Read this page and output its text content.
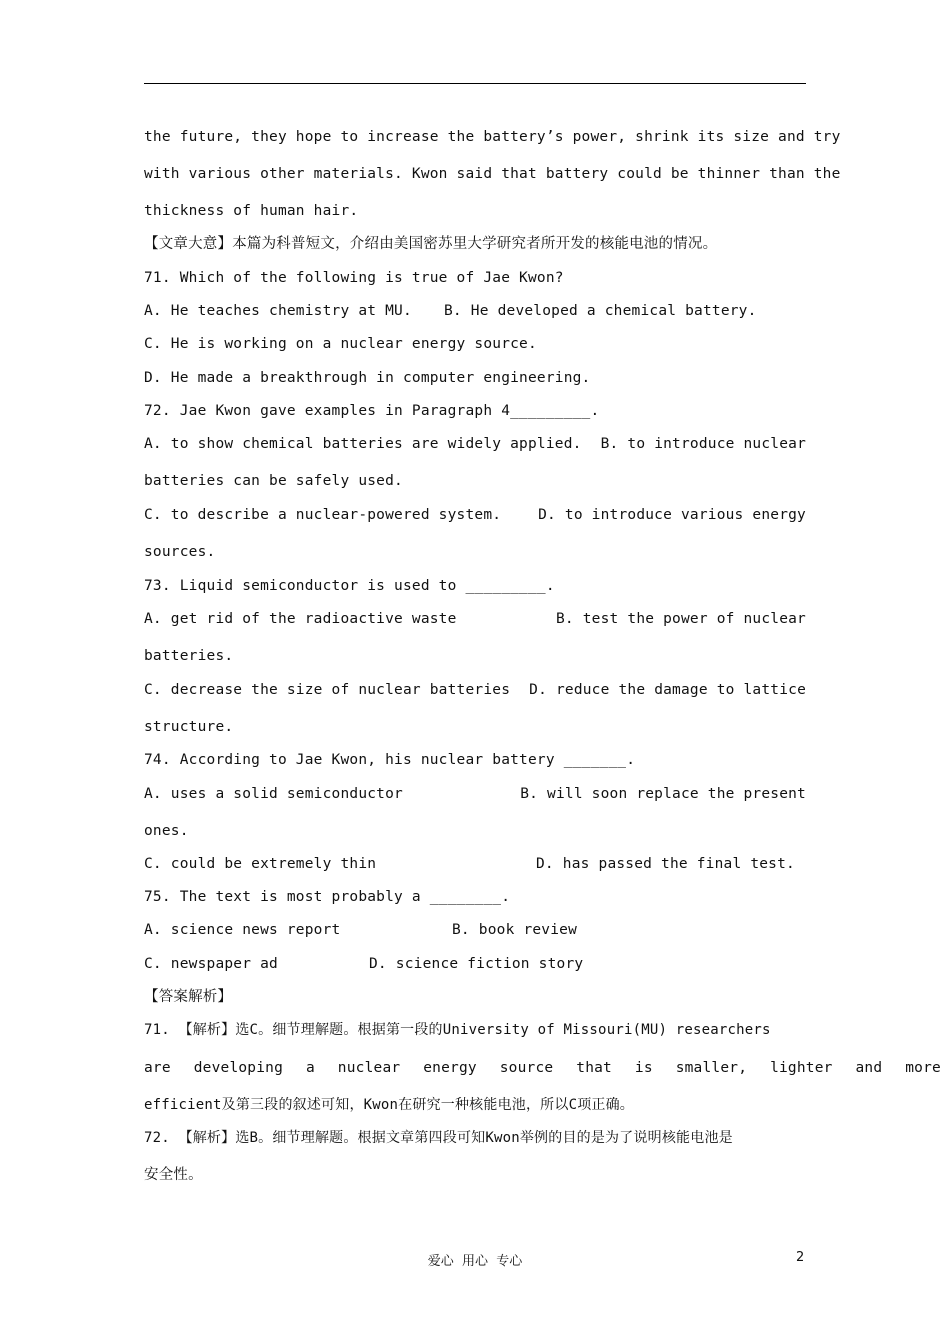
the future, they hope to increase the battery’s power, shrink its size and try
with various other materials. Kwon said that battery could be thinner than the
thickness of human hair.
【文章大意】本篇为科普短文，介绍由美国密苏里大学研究者所开发的核能电池的情况。
71. Which of the following is true of Jae Kwon?
A. He teaches chemistry at MU. B. He developed a chemical battery.
C. He is working on a nuclear energy source.
D. He made a breakthrough in computer engineering.
72. Jae Kwon gave examples in Paragraph 4_________.
A. to show chemical batteries are widely applied. B. to introduce nuclear
batteries can be safely used.
C. to describe a nuclear-powered system.	D. to introduce various energy
sources.
73. Liquid semiconductor is used to _________.
A. get rid of the radioactive waste	B. test the power of nuclear
batteries.
C. decrease the size of nuclear batteries D. reduce the damage to lattice
structure.
74. According to Jae Kwon, his nuclear battery _______.
A. uses a solid semiconductor	B. will soon replace the present
ones.
C. could be extremely thin	D. has passed the final test.
75. The text is most probably a ________.
A. science news report	B. book review
C. newspaper ad	D. science fiction story
【答案解析】
71. 【解析】选C。细节理解题。根据第一段的University of Missouri(MU) researchers
are developing a nuclear energy source that is smaller, lighter and more
efficient及第三段的叙述可知，Kwon在研究一种核能电池，所以C项正确。
72. 【解析】选B。细节理解题。根据文章第四段可知Kwon举例的目的是为了说明核能电池是
安全性。
爱心  用心  专心	2
